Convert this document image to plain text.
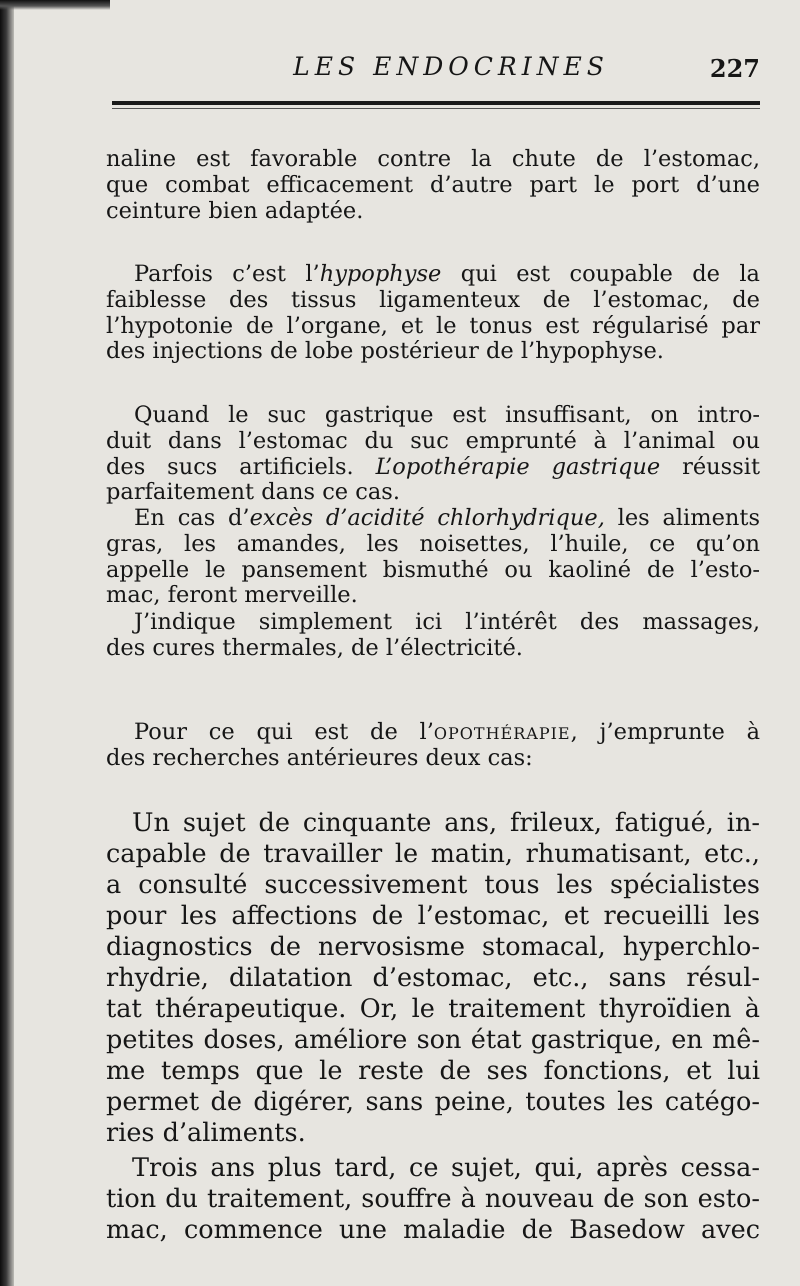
LES ENDOCRINES	227
naline est favorable contre la chute de l’estomac,
que combat efficacement d’autre part le port d’une
ceinture bien adaptée.
Parfois c’est l’hypophyse qui est coupable de la
faiblesse des tissus ligamenteux de l’estomac, de
l’hypotonie de l’organe, et le tonus est régularisé par
des injections de lobe postérieur de l’hypophyse.
Quand le suc gastrique est insuffisant, on intro-
duit dans l’estomac du suc emprunté à l’animal ou
des sucs artificiels. L’opothérapie gastrique réussit
parfaitement dans ce cas.
En cas d’excès d’acidité chlorhydrique, les aliments
gras, les amandes, les noisettes, l’huile, ce qu’on
appelle le pansement bismuthé ou kaoliné de l’esto-
mac, feront merveille.
J’indique simplement ici l’intérêt des massages,
des cures thermales, de l’électricité.
Pour ce qui est de l’opothérapie, j’emprunte à
des recherches antérieures deux cas:
Un sujet de cinquante ans, frileux, fatigué, in-
capable de travailler le matin, rhumatisant, etc.,
a consulté successivement tous les spécialistes
pour les affections de l’estomac, et recueilli les
diagnostics de nervosisme stomacal, hyperchlo-
rhydrie, dilatation d’estomac, etc., sans résul-
tat thérapeutique. Or, le traitement thyroïdien à
petites doses, améliore son état gastrique, en mê-
me temps que le reste de ses fonctions, et lui
permet de digérer, sans peine, toutes les catégo-
ries d’aliments.
Trois ans plus tard, ce sujet, qui, après cessa-
tion du traitement, souffre à nouveau de son esto-
mac, commence une maladie de Basedow avec
